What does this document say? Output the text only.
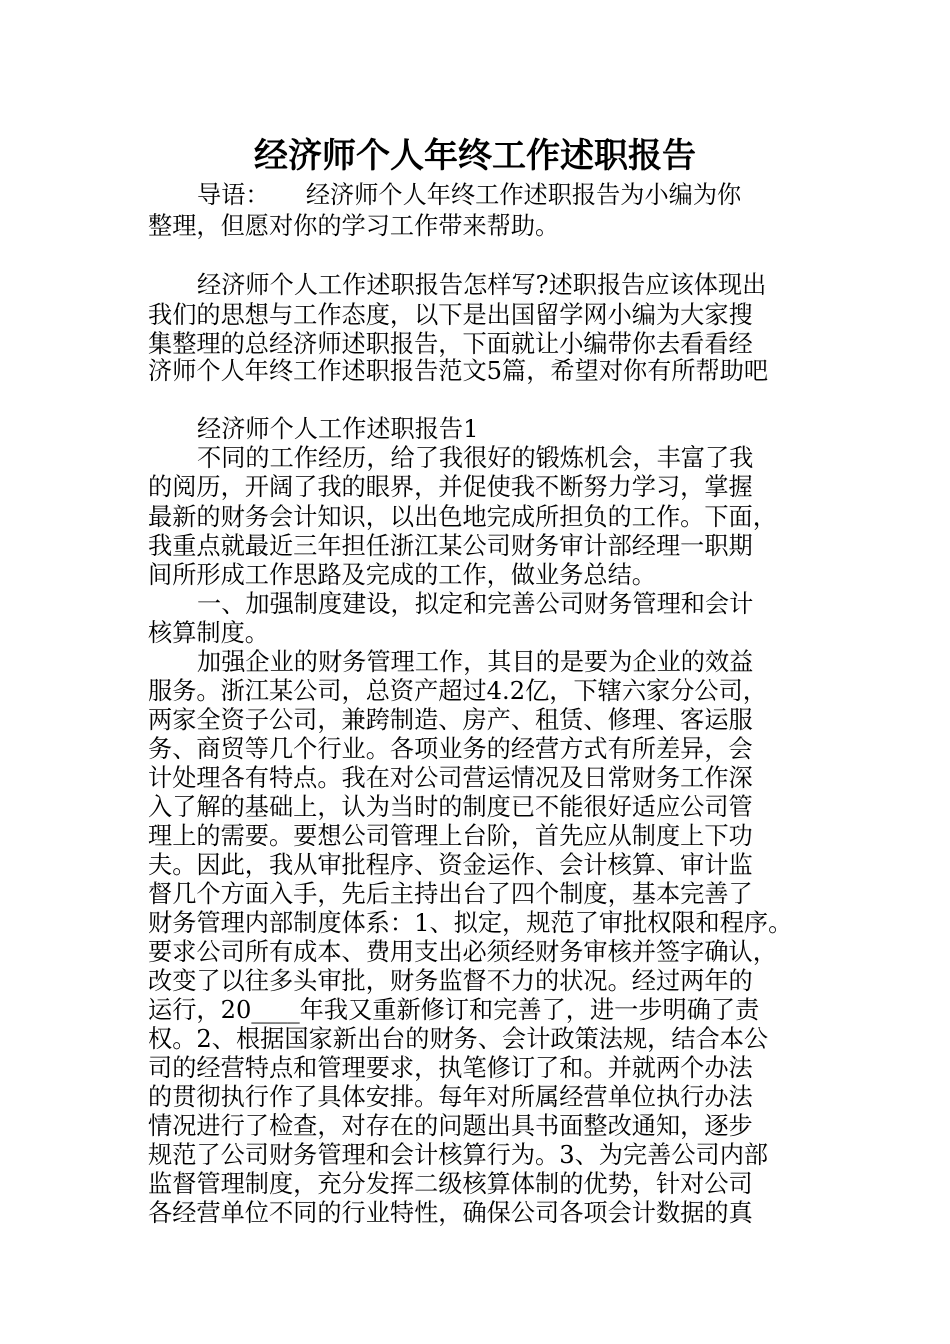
经济师个人年终工作述职报告
导语：　　经济师个人年终工作述职报告为小编为你
整理，但愿对你的学习工作带来帮助。
经济师个人工作述职报告怎样写?述职报告应该体现出
我们的思想与工作态度，以下是出国留学网小编为大家搜
集整理的总经济师述职报告，下面就让小编带你去看看经
济师个人年终工作述职报告范文5篇，希望对你有所帮助吧
经济师个人工作述职报告1
不同的工作经历，给了我很好的锻炼机会，丰富了我
的阅历，开阔了我的眼界，并促使我不断努力学习，掌握
最新的财务会计知识，以出色地完成所担负的工作。下面，
我重点就最近三年担任浙江某公司财务审计部经理一职期
间所形成工作思路及完成的工作，做业务总结。
一、加强制度建设，拟定和完善公司财务管理和会计
核算制度。
加强企业的财务管理工作，其目的是要为企业的效益
服务。浙江某公司，总资产超过4.2亿，下辖六家分公司，
两家全资子公司，兼跨制造、房产、租赁、修理、客运服
务、商贸等几个行业。各项业务的经营方式有所差异，会
计处理各有特点。我在对公司营运情况及日常财务工作深
入了解的基础上，认为当时的制度已不能很好适应公司管
理上的需要。要想公司管理上台阶，首先应从制度上下功
夫。因此，我从审批程序、资金运作、会计核算、审计监
督几个方面入手，先后主持出台了四个制度，基本完善了
财务管理内部制度体系：1、拟定，规范了审批权限和程序。
要求公司所有成本、费用支出必须经财务审核并签字确认，
改变了以往多头审批，财务监督不力的状况。经过两年的
运行，20____年我又重新修订和完善了，进一步明确了责
权。2、根据国家新出台的财务、会计政策法规，结合本公
司的经营特点和管理要求，执笔修订了和。并就两个办法
的贯彻执行作了具体安排。每年对所属经营单位执行办法
情况进行了检查，对存在的问题出具书面整改通知，逐步
规范了公司财务管理和会计核算行为。3、为完善公司内部
监督管理制度，充分发挥二级核算体制的优势，针对公司
各经营单位不同的行业特性，确保公司各项会计数据的真
